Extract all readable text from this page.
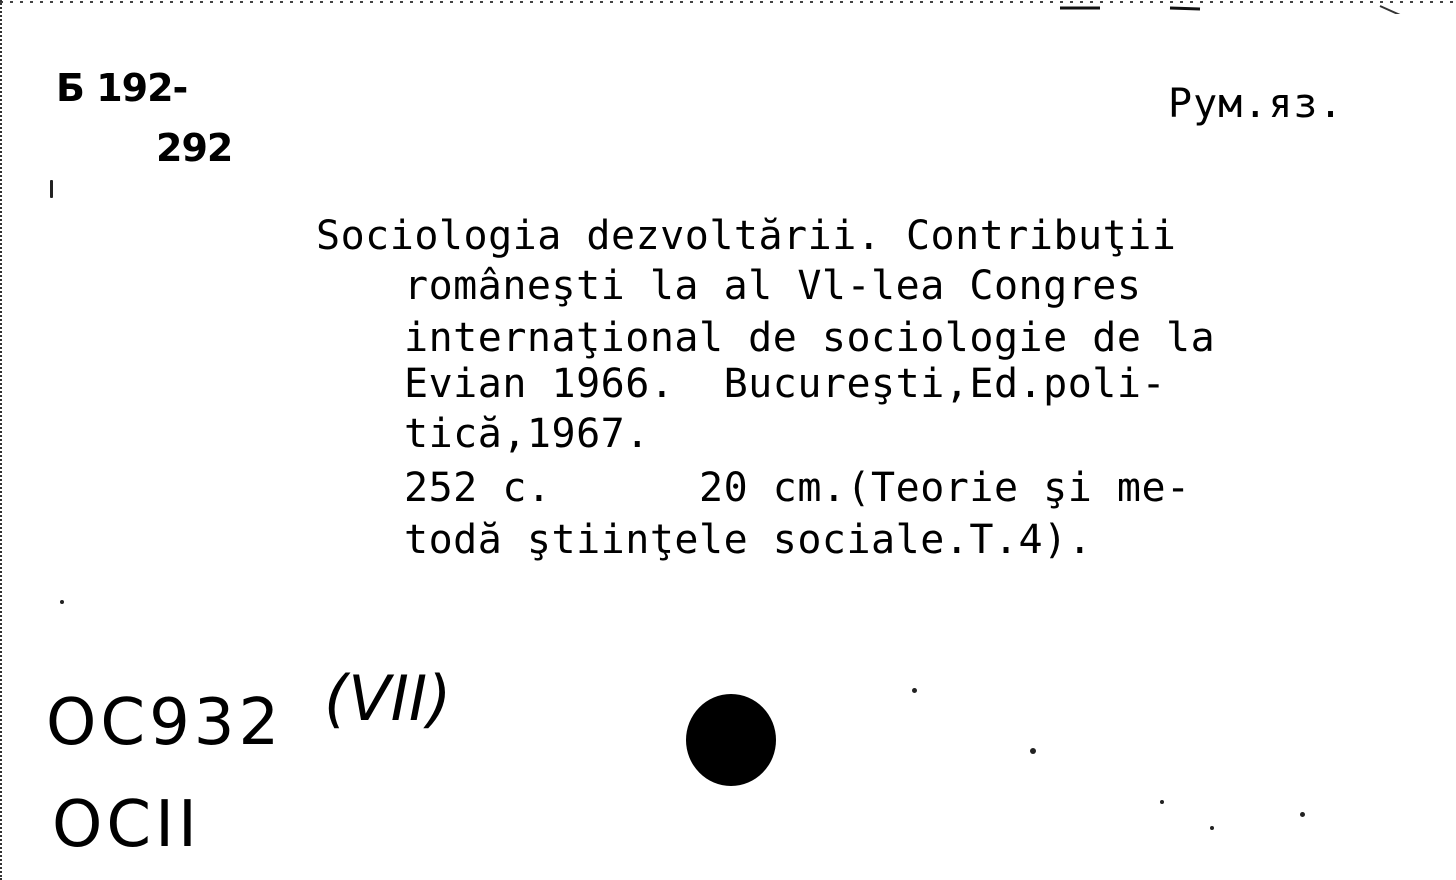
Б 192-
292
Рум.яз.
Sociologia dezvoltării. Contribuţii
româneşti la al Vl-lea Congres
internaţional de sociologie de la
Evian 1966.  Bucureşti,Ed.poli-
tică,1967.
252 c.      20 cm.(Teorie şi me-
todă ştiinţele sociale.T.4).
OC932 (VII)
OCII
